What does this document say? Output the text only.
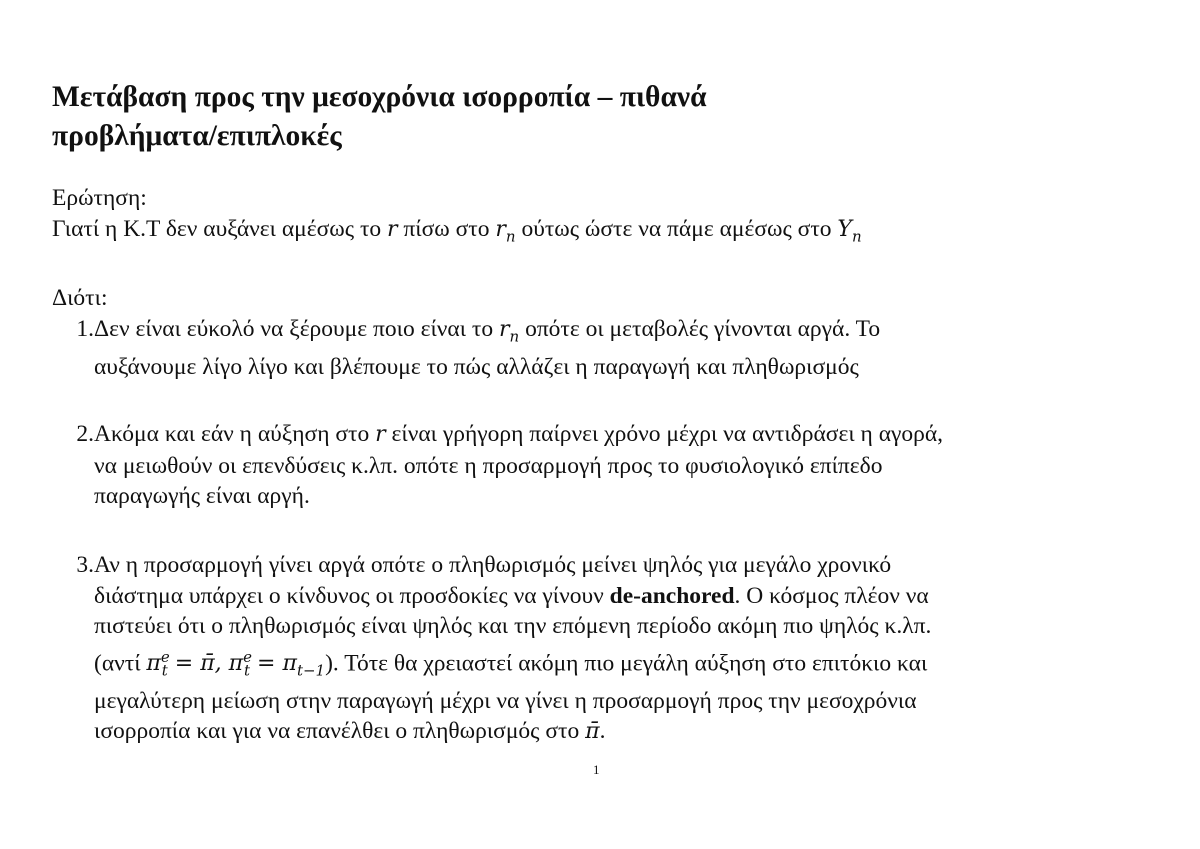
Μετάβαση προς την μεσοχρόνια ισορροπία – πιθανά
προβλήματα/επιπλοκές
Ερώτηση:
Γιατί η Κ.Τ δεν αυξάνει αμέσως το r πίσω στο $r_n$ ούτως ώστε να πάμε αμέσως στο $Y_n$
Διότι:
1. Δεν είναι εύκολό να ξέρουμε ποιο είναι το $r_n$ οπότε οι μεταβολές γίνονται αργά. Το
αυξάνουμε λίγο λίγο και βλέπουμε το πώς αλλάζει η παραγωγή και πληθωρισμός
2. Ακόμα και εάν η αύξηση στο r είναι γρήγορη παίρνει χρόνο μέχρι να αντιδράσει η αγορά,
να μειωθούν οι επενδύσεις κ.λπ. οπότε η προσαρμογή προς το φυσιολογικό επίπεδο
παραγωγής είναι αργή.
3. Αν η προσαρμογή γίνει αργά οπότε ο πληθωρισμός μείνει ψηλός για μεγάλο χρονικό
διάστημα υπάρχει ο κίνδυνος οι προσδοκίες να γίνουν de-anchored. Ο κόσμος πλέον να
πιστεύει ότι ο πληθωρισμός είναι ψηλός και την επόμενη περίοδο ακόμη πιο ψηλός κ.λπ.
(αντί $\pi^e_t$ = π̄, $\pi^e_t = \pi_{t-1}$). Τότε θα χρειαστεί ακόμη πιο μεγάλη αύξηση στο επιτόκιο και
μεγαλύτερη μείωση στην παραγωγή μέχρι να γίνει η προσαρμογή προς την μεσοχρόνια
ισορροπία και για να επανέλθει ο πληθωρισμός στο π̄.
1
